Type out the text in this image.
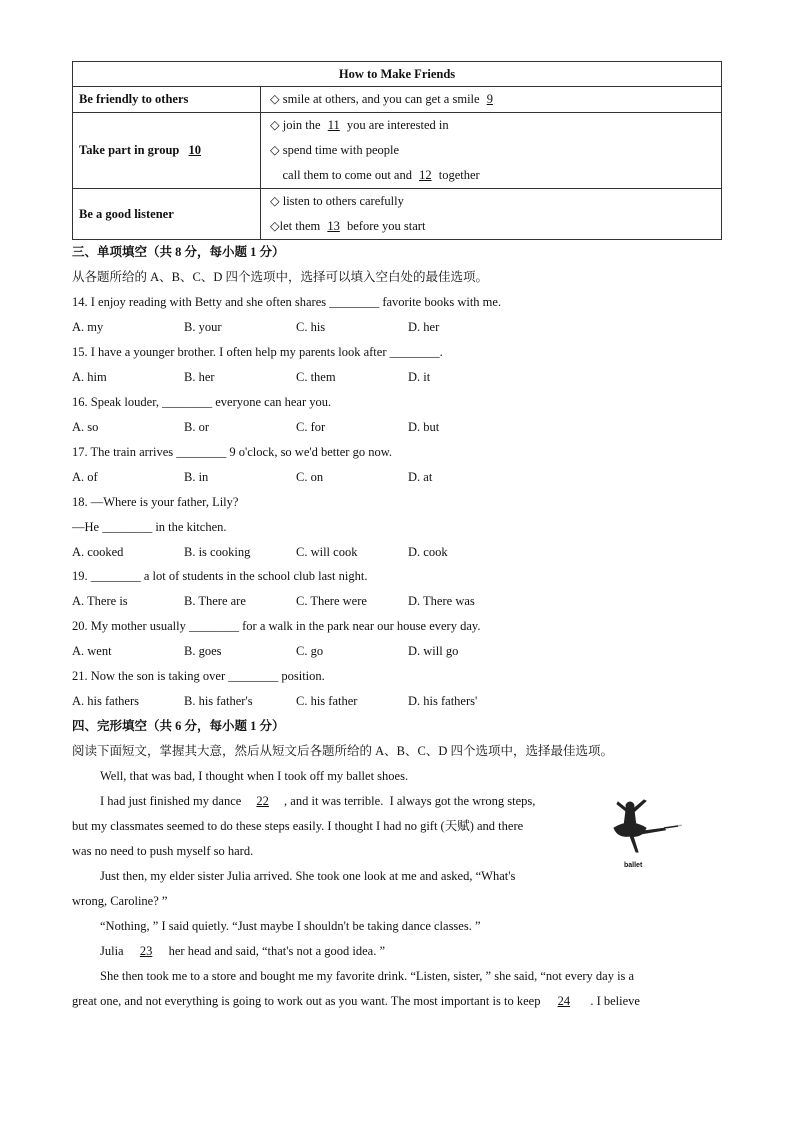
How to Make Friends	
Be friendly to others	◇ smile at others, and you can get a smile 9

Take part in group 10	◇ join the 11 you are interested in
◇ spend time with people
call them to come out and 12 together

Be a good listener	◇ listen to others carefully
◇let them 13 before you start
三、单项填空（共 8 分，每小题 1 分）
从各题所给的 A、B、C、D 四个选项中，选择可以填入空白处的最佳选项。
14. I enjoy reading with Betty and she often shares ________ favorite books with me.
A. my	B. your	C. his	D. her
15. I have a younger brother. I often help my parents look after ________.
A. him	B. her	C. them	D. it
16. Speak louder, ________ everyone can hear you.
A. so	B. or	C. for	D. but
17. The train arrives ________ 9 o'clock, so we'd better go now.
A. of	B. in	C. on	D. at
18. —Where is your father, Lily?
—He ________ in the kitchen.
A. cooked	B. is cooking	C. will cook	D. cook
19. ________ a lot of students in the school club last night.
A. There is	B. There are	C. There were	D. There was
20. My mother usually ________ for a walk in the park near our house every day.
A. went	B. goes	C. go	D. will go
21. Now the son is taking over ________ position.
A. his fathers	B. his father's	C. his father	D. his fathers'
四、完形填空（共 6 分，每小题 1 分）
阅读下面短文，掌握其大意，然后从短文后各题所给的 A、B、C、D 四个选项中，选择最佳选项。
Well, that was bad, I thought when I took off my ballet shoes.
I had just finished my dance 22 , and it was terrible.  I always got the wrong steps,
but my classmates seemed to do these steps easily. I thought I had no gift (天赋) and there
was no need to push myself so hard.
Just then, my elder sister Julia arrived. She took one look at me and asked, “What's
wrong, Caroline? ”
“Nothing, ” I said quietly. “Just maybe I shouldn't be taking dance classes. ”
Julia  23  her head and said, “that's not a good idea. ”
She then took me to a store and bought me my favorite drink. “Listen, sister, ” she said, “not every day is a
great one, and not everything is going to work out as you want. The most important is to keep 24  . I believe
ballet
